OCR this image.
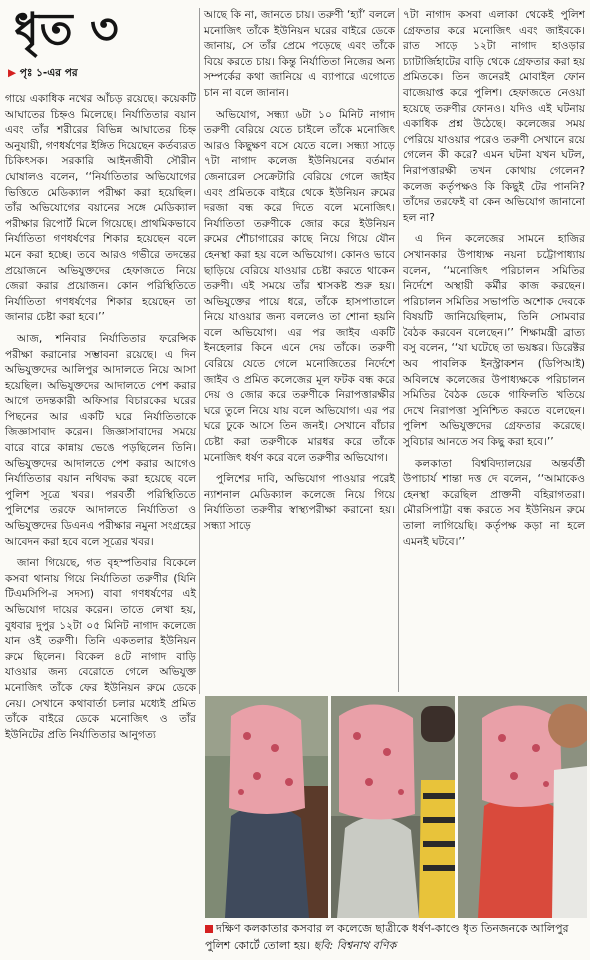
ধৃত ৩
▶ পৃঃ ১-এর পর

গায়ে একাধিক নখের আঁচড় রয়েছে। কয়েকটি আঘাতের চিহ্নও মিলেছে। নির্যাতিতার বয়ান এবং তাঁর শরীরের বিভিন্ন আঘাতের চিহ্ন অনুযায়ী, গণধর্ষণের ইঙ্গিত দিয়েছেন কর্তব্যরত চিকিৎসক। সরকারি আইনজীবী সৌরীন ঘোষালও বলেন, ‘‘নির্যাতিতার অভিযোগের ভিত্তিতে মেডিক্যাল পরীক্ষা করা হয়েছিল। তাঁর অভিযোগের বয়ানের সঙ্গে মেডিক্যাল পরীক্ষার রিপোর্ট মিলে গিয়েছে। প্রাথমিকভাবে নির্যাতিতা গণধর্ষণের শিকার হয়েছেন বলে মনে করা হচ্ছে। তবে আরও গভীরে তদন্তের প্রয়োজনে অভিযুক্তদের হেফাজতে নিয়ে জেরা করার প্রয়োজন। কোন পরিস্থিতিতে নির্যাতিতা গণধর্ষণের শিকার হয়েছেন তা জানার চেষ্টা করা হবে।’’

আজ, শনিবার নির্যাতিতার ফরেন্সিক পরীক্ষা করানোর সম্ভাবনা রয়েছে। এ দিন অভিযুক্তদের আলিপুর আদালতে নিয়ে আসা হয়েছিল। অভিযুক্তদের আদালতে পেশ করার আগে তদন্তকারী অফিসার বিচারকের ঘরের পিছনের আর একটি ঘরে নির্যাতিতাকে জিজ্ঞাসাবাদ করেন। জিজ্ঞাসাবাদের সময়ে বারে বারে কান্নায় ভেঙে পড়ছিলেন তিনি। অভিযুক্তদের আদালতে পেশ করার আগেও নির্যাতিতার বয়ান নথিবদ্ধ করা হয়েছে বলে পুলিশ সূত্রে খবর। পরবর্তী পরিস্থিতিতে পুলিশের তরফে আদালতে নির্যাতিতা ও অভিযুক্তদের ডিএনএ পরীক্ষার নমুনা সংগ্রহের আবেদন করা হবে বলে সূত্রের খবর।

জানা গিয়েছে, গত বৃহস্পতিবার বিকেলে কসবা থানায় গিয়ে নির্যাতিতা তরুণীর (যিনি টিএমসিপি-র সদস্য) বাবা গণধর্ষণের এই অভিযোগ দায়ের করেন। তাতে লেখা হয়, বুধবার দুপুর ১২টা ০৫ মিনিট নাগাদ কলেজে যান ওই তরুণী। তিনি একতলার ইউনিয়ন রুমে ছিলেন। বিকেল ৪টে নাগাদ বাড়ি যাওয়ার জন্য বেরোতে গেলে অভিযুক্ত মনোজিৎ তাঁকে ফের ইউনিয়ন রুমে ডেকে নেয়। সেখানে কথাবার্তা চলার মধ্যেই প্রমিত তাঁকে বাইরে ডেকে মনোজিৎ ও তাঁর ইউনিটের প্রতি নির্যাতিতার আনুগত্য

আছে কি না, জানতে চায়। তরুণী ‘হ্যাঁ’ বললে মনোজিৎ তাঁকে ইউনিয়ন ঘরের বাইরে ডেকে জানায়, সে তাঁর প্রেমে পড়েছে এবং তাঁকে বিয়ে করতে চায়। কিন্তু নির্যাতিতা নিজের অন্য সম্পর্কের কথা জানিয়ে এ ব্যাপারে এগোতে চান না বলে জানান।

অভিযোগ, সন্ধ্যা ৬টা ১০ মিনিট নাগাদ তরুণী বেরিয়ে যেতে চাইলে তাঁকে মনোজিৎ আরও কিছুক্ষণ বসে যেতে বলে। সন্ধ্যা সাড়ে ৭টা নাগাদ কলেজ ইউনিয়নের বর্তমান জেনারেল সেক্রেটারি বেরিয়ে গেলে জাইব এবং প্রমিতকে বাইরে থেকে ইউনিয়ন রুমের দরজা বন্ধ করে দিতে বলে মনোজিৎ। নির্যাতিতা তরুণীকে জোর করে ইউনিয়ন রুমের শৌচাগারের কাছে নিয়ে গিয়ে যৌন হেনস্থা করা হয় বলে অভিযোগ। কোনও ভাবে ছাড়িয়ে বেরিয়ে যাওয়ার চেষ্টা করতে থাকেন তরুণী। এই সময়ে তাঁর শ্বাসকষ্ট শুরু হয়। অভিযুক্তের পায়ে ধরে, তাঁকে হাসপাতালে নিয়ে যাওয়ার জন্য বললেও তা শোনা হয়নি বলে অভিযোগ। এর পর জাইব একটি ইনহেলার কিনে এনে দেয় তাঁকে। তরুণী বেরিয়ে যেতে গেলে মনোজিতের নির্দেশে জাইব ও প্রমিত কলেজের মূল ফটক বন্ধ করে দেয় ও জোর করে তরুণীকে নিরাপত্তারক্ষীর ঘরে তুলে নিয়ে যায় বলে অভিযোগ। এর পর ঘরে ঢুকে আসে তিন জনই। সেখানে বাঁচার চেষ্টা করা তরুণীকে মারধর করে তাঁকে মনোজিৎ ধর্ষণ করে বলে তরুণীর অভিযোগ।

পুলিশের দাবি, অভিযোগ পাওয়ার পরেই ন্যাশনাল মেডিক্যাল কলেজে নিয়ে গিয়ে নির্যাতিতা তরুণীর স্বাস্থ্যপরীক্ষা করানো হয়। সন্ধ্যা সাড়ে

৭টা নাগাদ কসবা এলাকা থেকেই পুলিশ গ্রেফতার করে মনোজিৎ এবং জাইবকে। রাত সাড়ে ১২টা নাগাদ হাওড়ার চ্যাটার্জিহাটের বাড়ি থেকে গ্রেফতার করা হয় প্রমিতকে। তিন জনেরই মোবাইল ফোন বাজেয়াপ্ত করে পুলিশ। হেফাজতে নেওয়া হয়েছে তরুণীর ফোনও। যদিও এই ঘটনায় একাধিক প্রশ্ন উঠেছে। কলেজের সময় পেরিয়ে যাওয়ার পরেও তরুণী সেখানে রয়ে গেলেন কী করে? এমন ঘটনা যখন ঘটল, নিরাপত্তারক্ষী তখন কোথায় গেলেন? কলেজ কর্তৃপক্ষও কি কিছুই টের পাননি? তাঁদের তরফেই বা কেন অভিযোগ জানানো হল না?

এ দিন কলেজের সামনে হাজির সেখানকার উপাধ্যক্ষ নয়না চট্টোপাধ্যায় বলেন, ‘‘মনোজিৎ পরিচালন সমিতির নির্দেশে অস্থায়ী কর্মীর কাজ করছেন। পরিচালন সমিতির সভাপতি অশোক দেবকে বিষয়টি জানিয়েছিলাম, তিনি সোমবার বৈঠক করবেন বলেছেন।’’ শিক্ষামন্ত্রী ব্রাত্য বসু বলেন, ‘‘যা ঘটেছে তা ভয়ঙ্কর। ডিরেক্টর অব পাবলিক ইনস্ট্রাকশন (ডিপিআই) অবিলম্বে কলেজের উপাধ্যক্ষকে পরিচালন সমিতির বৈঠক ডেকে গাফিলতি খতিয়ে দেখে নিরাপত্তা সুনিশ্চিত করতে বলেছেন। পুলিশ অভিযুক্তদের গ্রেফতার করেছে। সুবিচার আনতে সব কিছু করা হবে।’’

কলকাতা বিশ্ববিদ্যালয়ের অন্তর্বর্তী উপাচার্য শান্তা দত্ত দে বলেন, ‘‘আমাকেও হেনস্থা করেছিল প্রাক্তনী বহিরাগতরা। মৌরসিপাট্টা বন্ধ করতে সব ইউনিয়ন রুমে তালা লাগিয়েছি। কর্তৃপক্ষ কড়া না হলে এমনই ঘটবে।’’

দক্ষিণ কলকাতার কসবার ল কলেজে ছাত্রীকে ধর্ষণ-কাণ্ডে ধৃত তিনজনকে আলিপুর পুলিশ কোর্টে তোলা হয়। ছবি: বিশ্বনাথ বণিক
